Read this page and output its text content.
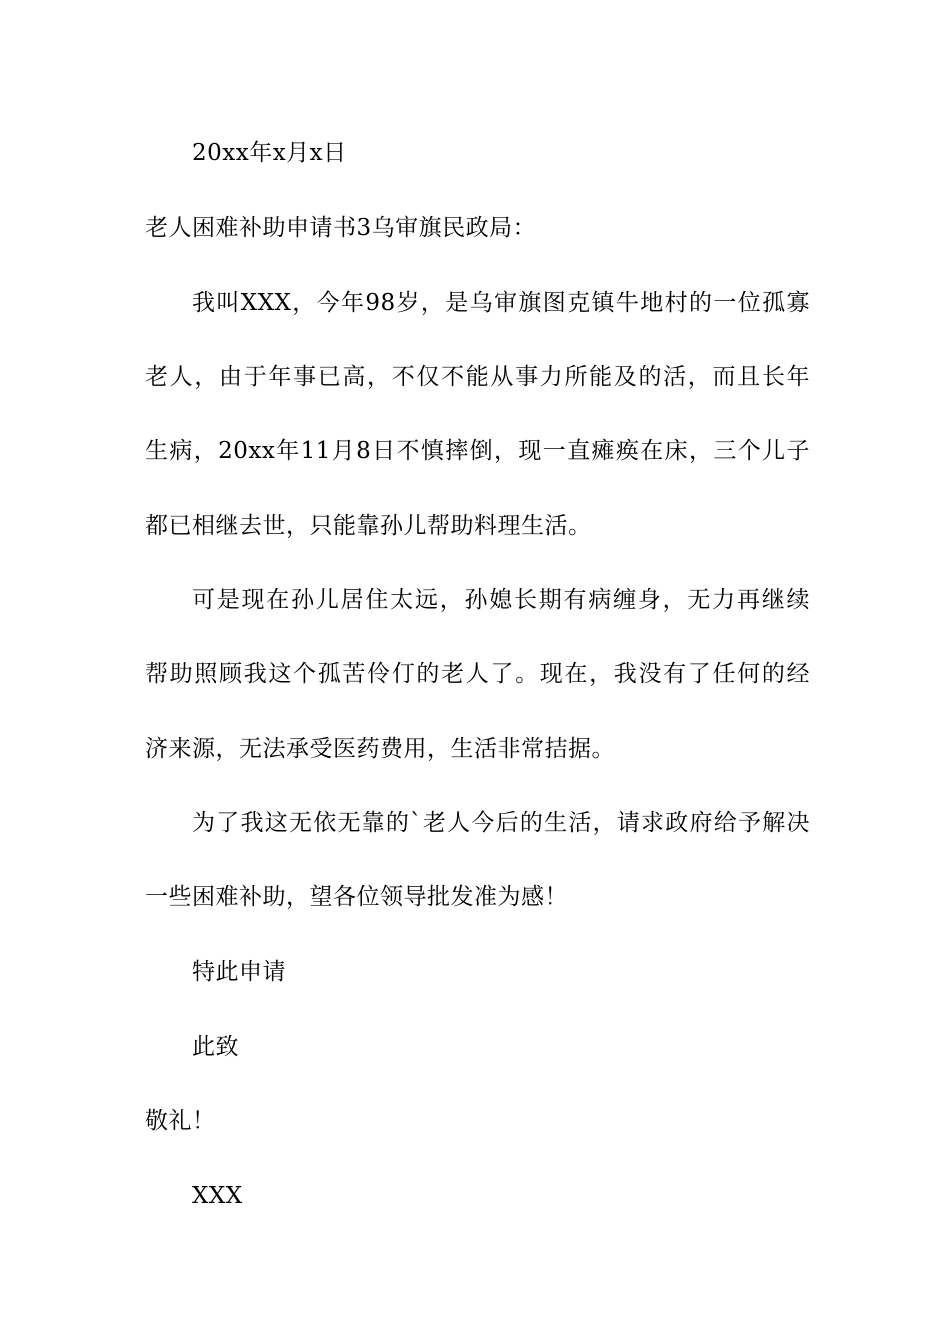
20xx年x月x日
老人困难补助申请书3乌审旗民政局：
我叫XXX，今年98岁，是乌审旗图克镇牛地村的一位孤寡
老人，由于年事已高，不仅不能从事力所能及的活，而且长年
生病，20xx年11月8日不慎摔倒，现一直瘫痪在床，三个儿子
都已相继去世，只能靠孙儿帮助料理生活。
可是现在孙儿居住太远，孙媳长期有病缠身，无力再继续
帮助照顾我这个孤苦伶仃的老人了。现在，我没有了任何的经
济来源，无法承受医药费用，生活非常拮据。
为了我这无依无靠的`老人今后的生活，请求政府给予解决
一些困难补助，望各位领导批发准为感！
特此申请
此致
敬礼！
XXX
